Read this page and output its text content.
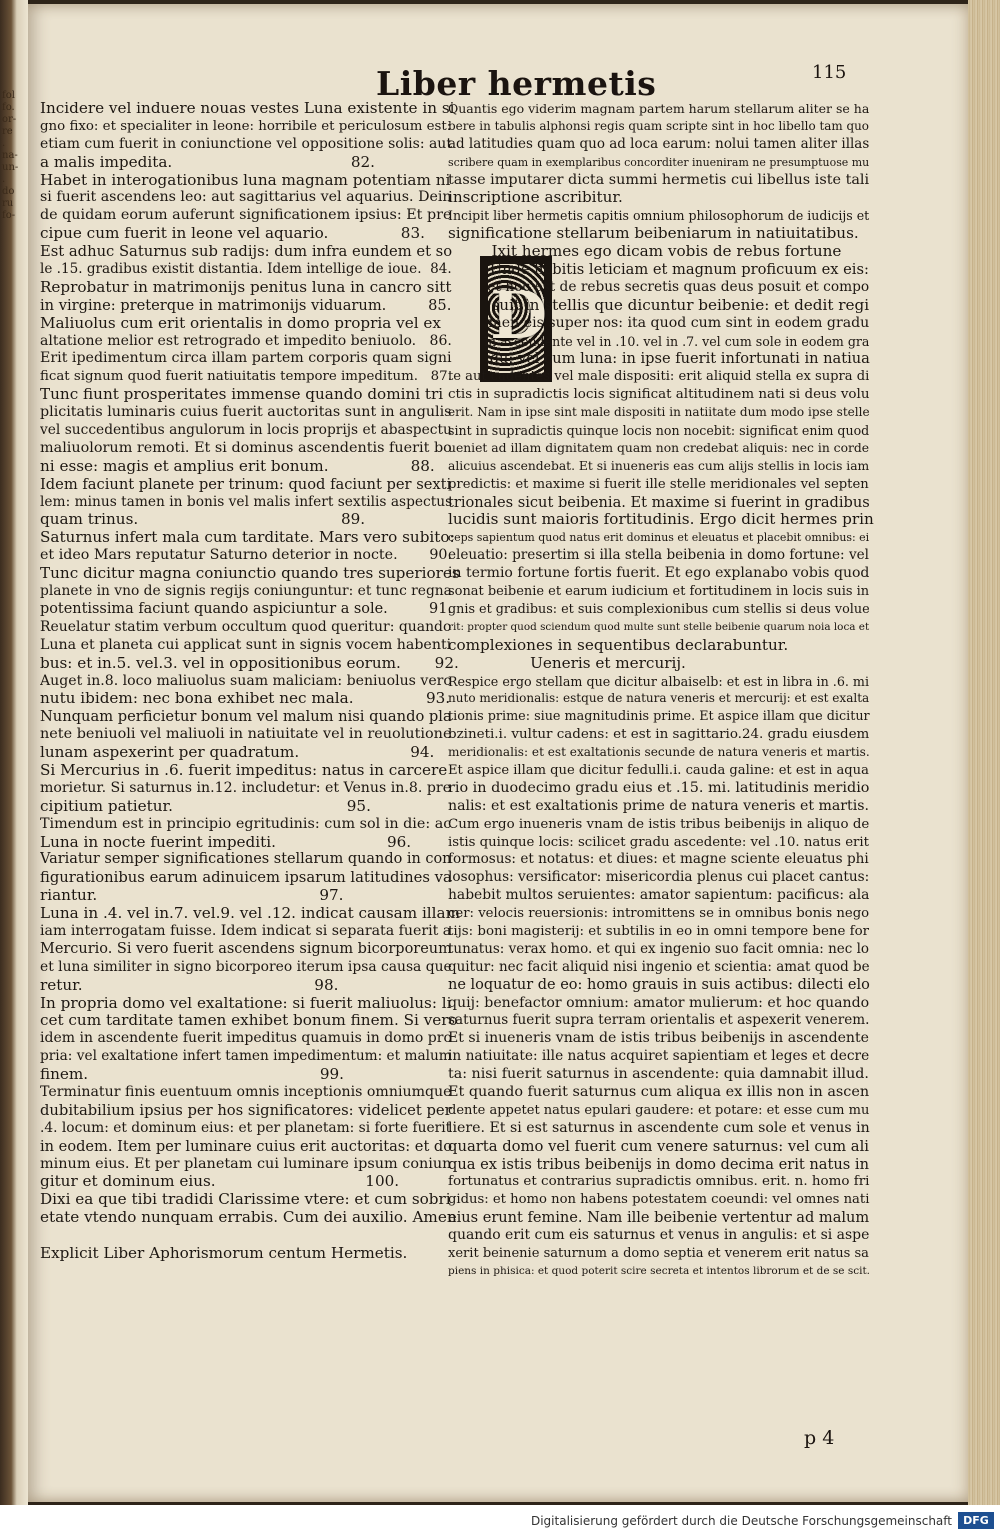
fol
fo.
or-
re
.
na-
un-
.
do
ru
fo-
Liber hermetis	115
D
p 4
Incidere vel induere nouas vestes Luna existente in si
gno fixo: et specialiter in leone: horribile et periculosum est:
etiam cum fuerit in coniunctione vel oppositione solis: aut
a malis impedita.                                     82.
Habet in interogationibus luna magnam potentiam ni
si fuerit ascendens leo: aut sagittarius vel aquarius. Dein
de quidam eorum auferunt significationem ipsius: Et pre
cipue cum fuerit in leone vel aquario.               83.
Est adhuc Saturnus sub radijs: dum infra eundem et so
le .15. gradibus existit distantia. Idem intellige de ioue.  84.
Reprobatur in matrimonijs penitus luna in cancro sitt
in virgine: preterque in matrimonijs viduarum.         85.
Maliuolus cum erit orientalis in domo propria vel ex
altatione melior est retrogrado et impedito beniuolo.   86.
Erit ipedimentum circa illam partem corporis quam signi
ficat signum quod fuerit natiuitatis tempore impeditum.   87.
Tunc fiunt prosperitates immense quando domini tri
plicitatis luminaris cuius fuerit auctoritas sunt in angulis
vel succedentibus angulorum in locis proprijs et abaspectu
maliuolorum remoti. Et si dominus ascendentis fuerit bo
ni esse: magis et amplius erit bonum.                 88.
Idem faciunt planete per trinum: quod faciunt per sexti
lem: minus tamen in bonis vel malis infert sextilis aspectus
quam trinus.                                          89.
Saturnus infert mala cum tarditate. Mars vero subito:
et ideo Mars reputatur Saturno deterior in nocte.       90.
Tunc dicitur magna coniunctio quando tres superiores
planete in vno de signis regijs coniunguntur: et tunc regna
potentissima faciunt quando aspiciuntur a sole.         91.
Reuelatur statim verbum occultum quod queritur: quando
Luna et planeta cui applicat sunt in signis vocem habenti
bus: et in.5. vel.3. vel in oppositionibus eorum.       92.
Auget in.8. loco maliuolus suam maliciam: beniuolus vero
nutu ibidem: nec bona exhibet nec mala.               93.
Nunquam perficietur bonum vel malum nisi quando pla
nete beniuoli vel maliuoli in natiuitate vel in reuolutione
lunam aspexerint per quadratum.                       94.
Si Mercurius in .6. fuerit impeditus: natus in carcere
morietur. Si saturnus in.12. includetur: et Venus in.8. pre
cipitium patietur.                                    95.
Timendum est in principio egritudinis: cum sol in die: ac
Luna in nocte fuerint impediti.                       96.
Variatur semper significationes stellarum quando in con
figurationibus earum adinuicem ipsarum latitudines va
riantur.                                              97.
Luna in .4. vel in.7. vel.9. vel .12. indicat causam illam
iam interrogatam fuisse. Idem indicat si separata fuerit a
Mercurio. Si vero fuerit ascendens signum bicorporeum
et luna similiter in signo bicorporeo iterum ipsa causa que
retur.                                                98.
In propria domo vel exaltatione: si fuerit maliuolus: li
cet cum tarditate tamen exhibet bonum finem. Si vero
idem in ascendente fuerit impeditus quamuis in domo pro
pria: vel exaltatione infert tamen impedimentum: et malum
finem.                                                99.
Terminatur finis euentuum omnis inceptionis omniumque
dubitabilium ipsius per hos significatores: videlicet per
.4. locum: et dominum eius: et per planetam: si forte fuerit
in eodem. Item per luminare cuius erit auctoritas: et do
minum eius. Et per planetam cui luminare ipsum coniun
gitur et dominum eius.                               100.
Dixi ea que tibi tradidi Clarissime vtere: et cum sobri
etate vtendo nunquam errabis. Cum dei auxilio. Amen
Explicit Liber Aphorismorum centum Hermetis.
Quantis ego viderim magnam partem harum stellarum aliter se ha
bere in tabulis alphonsi regis quam scripte sint in hoc libello tam quo
ad latitudies quam quo ad loca earum: nolui tamen aliter illas
scribere quam in exemplaribus concorditer inueniram ne presumptuose mu
tasse imputarer dicta summi hermetis cui libellus iste tali
inscriptione ascribitur.
Incipit liber hermetis capitis omnium philosophorum de iudicijs et
significatione stellarum beibeniarum in natiuitatibus.
Ixit hermes ego dicam vobis de rebus fortune
Unde hebitis leticiam et magnum proficuum ex eis:
et hoc est de rebus secretis quas deus posuit et compo
suit in stellis que dicuntur beibenie: et dedit regi
men eis super nos: ita quod cum sint in eodem gradu
in ascendente vel in .10. vel in .7. vel cum sole in eodem gra
du: vel cum luna: in ipse fuerit infortunati in natiua
te aut cadentes vel male dispositi: erit aliquid stella ex supra di
ctis in supradictis locis significat altitudinem nati si deus volu
erit. Nam in ipse sint male dispositi in natiitate dum modo ipse stelle
sint in supradictis quinque locis non nocebit: significat enim quod
ueniet ad illam dignitatem quam non credebat aliquis: nec in corde
alicuius ascendebat. Et si inueneris eas cum alijs stellis in locis iam
predictis: et maxime si fuerit ille stelle meridionales vel septen
trionales sicut beibenia. Et maxime si fuerint in gradibus
lucidis sunt maioris fortitudinis. Ergo dicit hermes prin
ceps sapientum quod natus erit dominus et eleuatus et placebit omnibus: ei
eleuatio: presertim si illa stella beibenia in domo fortune: vel
in termio fortune fortis fuerit. Et ego explanabo vobis quod
sonat beibenie et earum iudicium et fortitudinem in locis suis in
gnis et gradibus: et suis complexionibus cum stellis si deus volue
rit: propter quod sciendum quod multe sunt stelle beibenie quarum noia loca et
complexiones in sequentibus declarabuntur.
Ueneris et mercurij.
Respice ergo stellam que dicitur albaiselb: et est in libra in .6. mi
nuto meridionalis: estque de natura veneris et mercurij: et est exalta
tionis prime: siue magnitudinis prime. Et aspice illam que dicitur
bzineti.i. vultur cadens: et est in sagittario.24. gradu eiusdem
meridionalis: et est exaltationis secunde de natura veneris et martis.
Et aspice illam que dicitur fedulli.i. cauda galine: et est in aqua
rio in duodecimo gradu eius et .15. mi. latitudinis meridio
nalis: et est exaltationis prime de natura veneris et martis.
Cum ergo inueneris vnam de istis tribus beibenijs in aliquo de
istis quinque locis: scilicet gradu ascedente: vel .10. natus erit
formosus: et notatus: et diues: et magne sciente eleuatus phi
losophus: versificator: misericordia plenus cui placet cantus:
habebit multos seruientes: amator sapientum: pacificus: ala
cer: velocis reuersionis: intromittens se in omnibus bonis nego
tijs: boni magisterij: et subtilis in eo in omni tempore bene for
tunatus: verax homo. et qui ex ingenio suo facit omnia: nec lo
quitur: nec facit aliquid nisi ingenio et scientia: amat quod be
ne loquatur de eo: homo grauis in suis actibus: dilecti elo
quij: benefactor omnium: amator mulierum: et hoc quando
saturnus fuerit supra terram orientalis et aspexerit venerem.
Et si inueneris vnam de istis tribus beibenijs in ascendente
in natiuitate: ille natus acquiret sapientiam et leges et decre
ta: nisi fuerit saturnus in ascendente: quia damnabit illud.
Et quando fuerit saturnus cum aliqua ex illis non in ascen
dente appetet natus epulari gaudere: et potare: et esse cum mu
liere. Et si est saturnus in ascendente cum sole et venus in
quarta domo vel fuerit cum venere saturnus: vel cum ali
qua ex istis tribus beibenijs in domo decima erit natus in
fortunatus et contrarius supradictis omnibus. erit. n. homo fri
gidus: et homo non habens potestatem coeundi: vel omnes nati
eius erunt femine. Nam ille beibenie vertentur ad malum
quando erit cum eis saturnus et venus in angulis: et si aspe
xerit beinenie saturnum a domo septia et venerem erit natus sa
piens in phisica: et quod poterit scire secreta et intentos librorum et de se scit.
Digitalisierung gefördert durch die Deutsche Forschungsgemeinschaft	DFG
